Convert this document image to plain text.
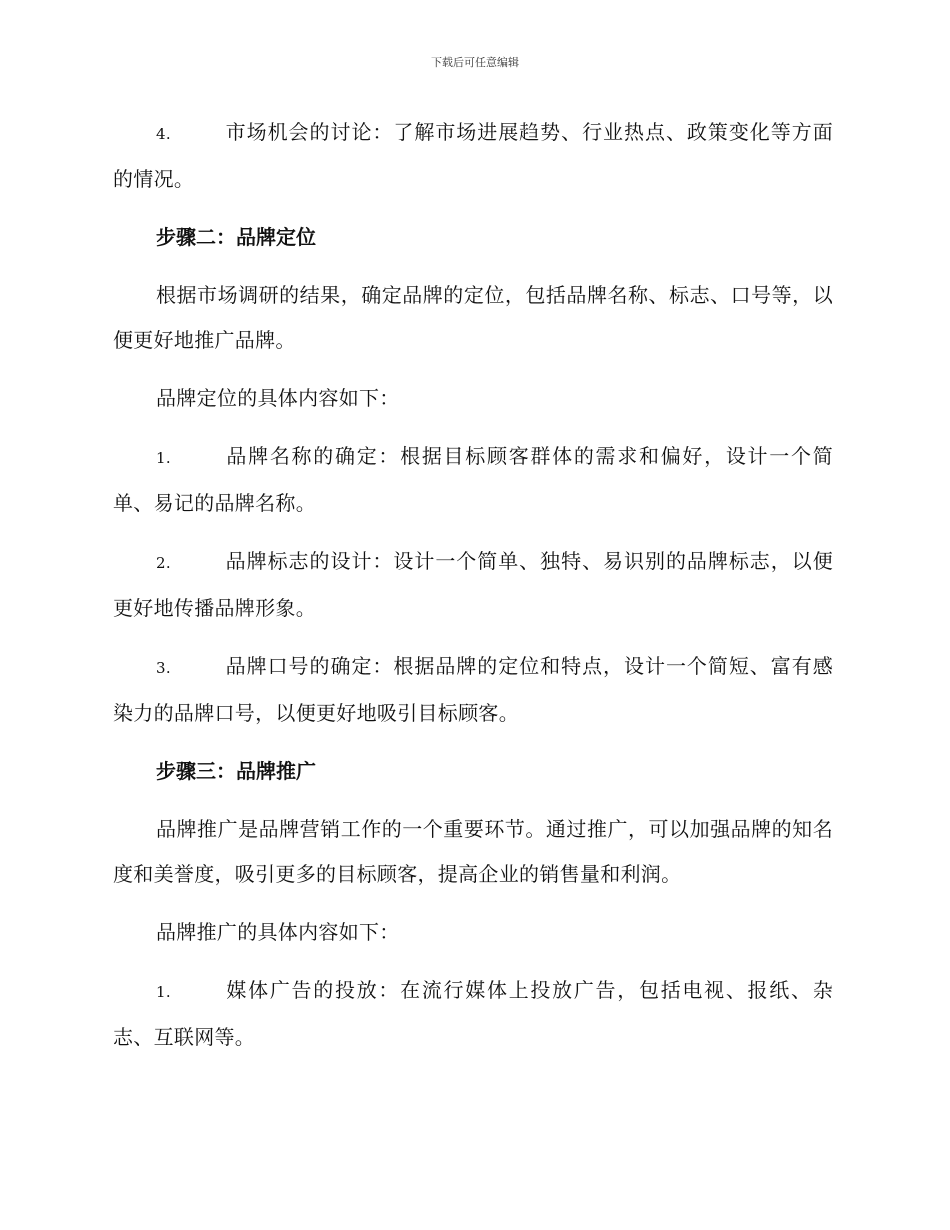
下载后可任意编辑

4.	市场机会的讨论：了解市场进展趋势、行业热点、政策变化等方面的情况。

步骤二：品牌定位

根据市场调研的结果，确定品牌的定位，包括品牌名称、标志、口号等，以便更好地推广品牌。

品牌定位的具体内容如下：

1.	品牌名称的确定：根据目标顾客群体的需求和偏好，设计一个简单、易记的品牌名称。

2.	品牌标志的设计：设计一个简单、独特、易识别的品牌标志，以便更好地传播品牌形象。

3.	品牌口号的确定：根据品牌的定位和特点，设计一个简短、富有感染力的品牌口号，以便更好地吸引目标顾客。

步骤三：品牌推广

品牌推广是品牌营销工作的一个重要环节。通过推广，可以加强品牌的知名度和美誉度，吸引更多的目标顾客，提高企业的销售量和利润。

品牌推广的具体内容如下：

1.	媒体广告的投放：在流行媒体上投放广告，包括电视、报纸、杂志、互联网等。
